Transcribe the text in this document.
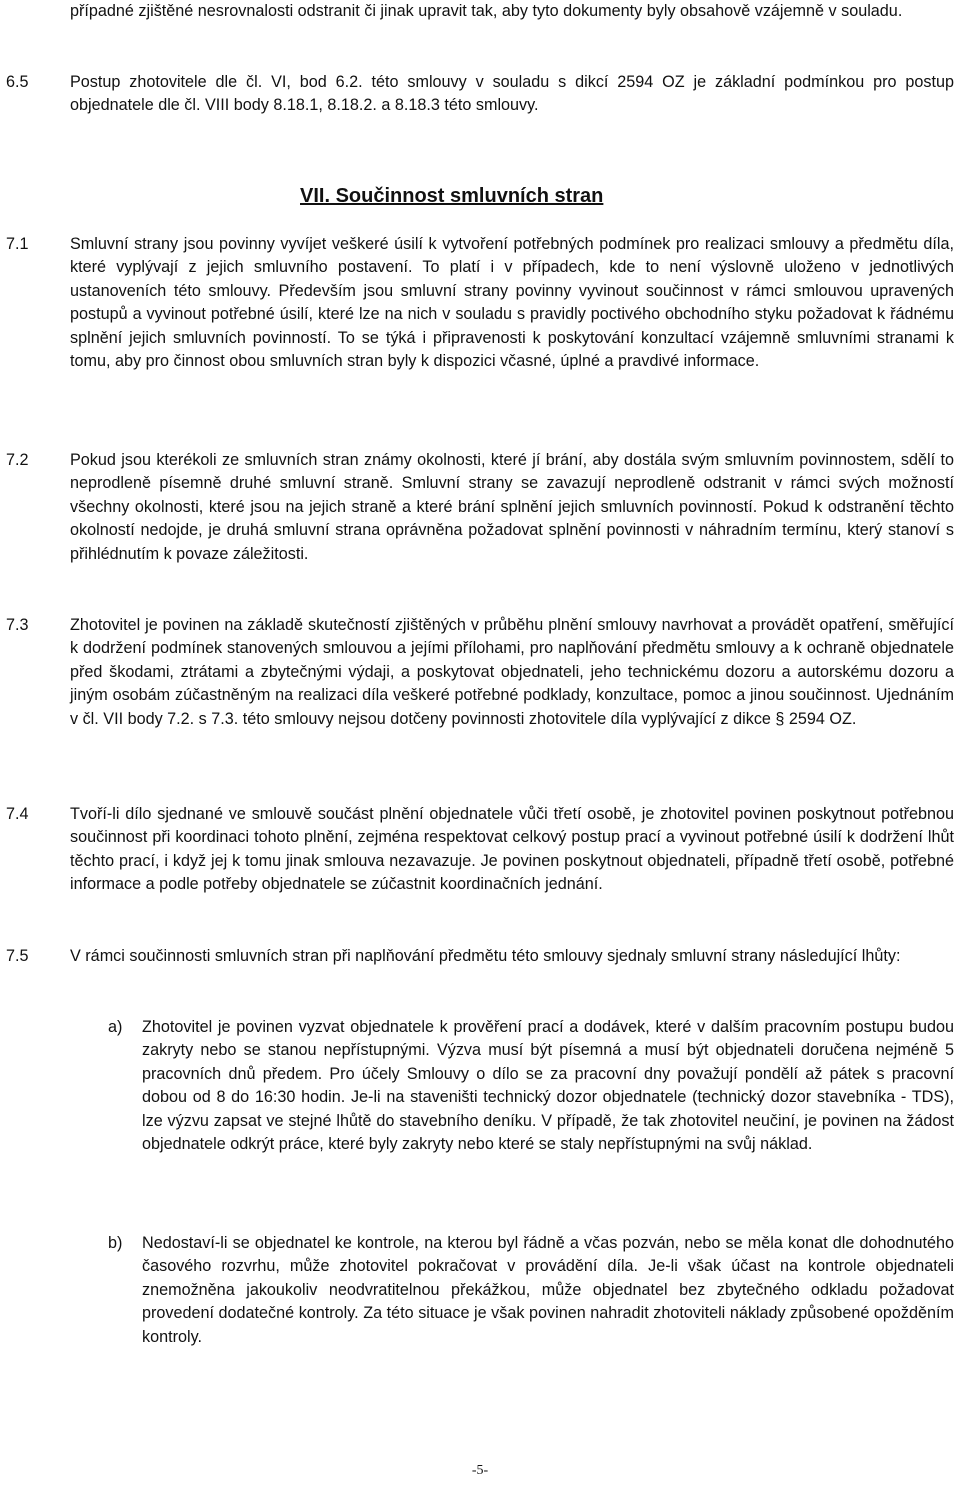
případné zjištěné nesrovnalosti odstranit či jinak upravit tak, aby tyto dokumenty byly obsahově vzájemně v souladu.

6.5	Postup zhotovitele dle čl. VI, bod 6.2. této smlouvy v souladu s dikcí 2594 OZ je základní podmínkou pro postup objednatele dle čl. VIII body 8.18.1, 8.18.2. a 8.18.3 této smlouvy.
VII. Součinnost smluvních stran
7.1	Smluvní strany jsou povinny vyvíjet veškeré úsilí k vytvoření potřebných podmínek pro realizaci smlouvy a předmětu díla, které vyplývají z jejich smluvního postavení. To platí i v případech, kde to není výslovně uloženo v jednotlivých ustanoveních této smlouvy. Především jsou smluvní strany povinny vyvinout součinnost v rámci smlouvou upravených postupů a vyvinout potřebné úsilí, které lze na nich v souladu s pravidly poctivého obchodního styku požadovat k řádnému splnění jejich smluvních povinností. To se týká i připravenosti k poskytování konzultací vzájemně smluvními stranami k tomu, aby pro činnost obou smluvních stran byly k dispozici včasné, úplné a pravdivé informace.
7.2	Pokud jsou kterékoli ze smluvních stran známy okolnosti, které jí brání, aby dostála svým smluvním povinnostem, sdělí to neprodleně písemně druhé smluvní straně. Smluvní strany se zavazují neprodleně odstranit v rámci svých možností všechny okolnosti, které jsou na jejich straně a které brání splnění jejich smluvních povinností. Pokud k odstranění těchto okolností nedojde, je druhá smluvní strana oprávněna požadovat splnění povinnosti v náhradním termínu, který stanoví s přihlédnutím k povaze záležitosti.
7.3	Zhotovitel je povinen na základě skutečností zjištěných v průběhu plnění smlouvy navrhovat a provádět opatření, směřující k dodržení podmínek stanovených smlouvou a jejími přílohami, pro naplňování předmětu smlouvy a k ochraně objednatele před škodami, ztrátami a zbytečnými výdaji, a poskytovat objednateli, jeho technickému dozoru a autorskému dozoru a jiným osobám zúčastněným na realizaci díla veškeré potřebné podklady, konzultace, pomoc a jinou součinnost. Ujednáním v čl. VII body 7.2. s 7.3. této smlouvy nejsou dotčeny povinnosti zhotovitele díla vyplývající z dikce § 2594 OZ.
7.4	Tvoří-li dílo sjednané ve smlouvě součást plnění objednatele vůči třetí osobě, je zhotovitel povinen poskytnout potřebnou součinnost při koordinaci tohoto plnění, zejména respektovat celkový postup prací a vyvinout potřebné úsilí k dodržení lhůt těchto prací, i když jej k tomu jinak smlouva nezavazuje. Je povinen poskytnout objednateli, případně třetí osobě, potřebné informace a podle potřeby objednatele se zúčastnit koordinačních jednání.
7.5	V rámci součinnosti smluvních stran při naplňování předmětu této smlouvy sjednaly smluvní strany následující lhůty:
a)	Zhotovitel je povinen vyzvat objednatele k prověření prací a dodávek, které v dalším pracovním postupu budou zakryty nebo se stanou nepřístupnými. Výzva musí být písemná a musí být objednateli doručena nejméně 5 pracovních dnů předem. Pro účely Smlouvy o dílo se za pracovní dny považují pondělí až pátek s pracovní dobou od 8 do 16:30 hodin. Je-li na staveništi technický dozor objednatele (technický dozor stavebníka - TDS), lze výzvu zapsat ve stejné lhůtě do stavebního deníku. V případě, že tak zhotovitel neučiní, je povinen na žádost objednatele odkrýt práce, které byly zakryty nebo které se staly nepřístupnými na svůj náklad.
b)	Nedostaví-li se objednatel ke kontrole, na kterou byl řádně a včas pozván, nebo se měla konat dle dohodnutého časového rozvrhu, může zhotovitel pokračovat v provádění díla. Je-li však účast na kontrole objednateli znemožněna jakoukoliv neodvratitelnou překážkou, může objednatel bez zbytečného odkladu požadovat provedení dodatečné kontroly. Za této situace je však povinen nahradit zhotoviteli náklady způsobené opožděním kontroly.
-5-
